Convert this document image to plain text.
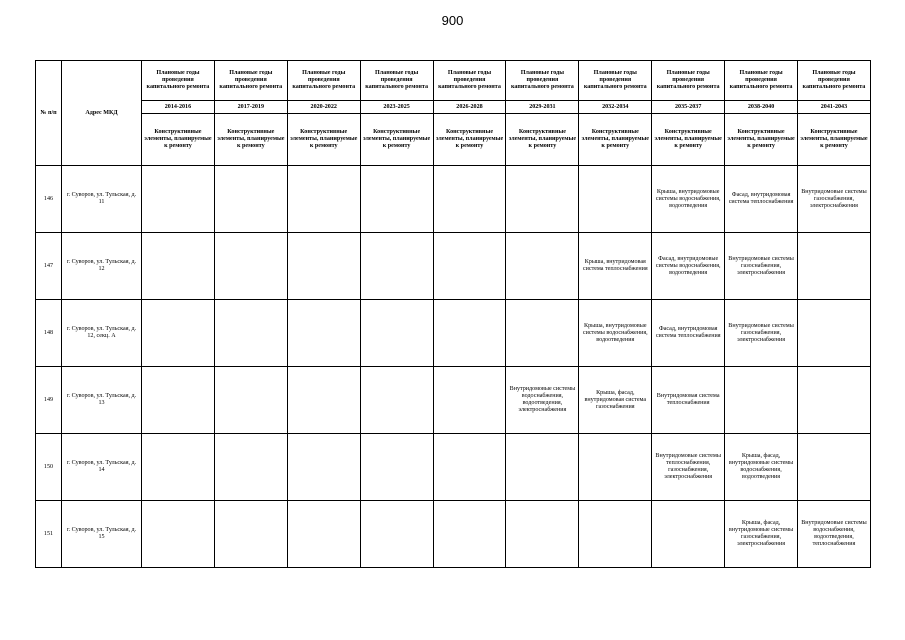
900
№ п/п	Адрес МКД	Плановые годы проведения капитального ремонта	Плановые годы проведения капитального ремонта	Плановые годы проведения капитального ремонта	Плановые годы проведения капитального ремонта	Плановые годы проведения капитального ремонта	Плановые годы проведения капитального ремонта	Плановые годы проведения капитального ремонта	Плановые годы проведения капитального ремонта	Плановые годы проведения капитального ремонта	Плановые годы проведения капитального ремонта
		2014-2016	2017-2019	2020-2022	2023-2025	2026-2028	2029-2031	2032-2034	2035-2037	2038-2040	2041-2043
		Конструктивные элементы, планируемые к ремонту	Конструктивные элементы, планируемые к ремонту	Конструктивные элементы, планируемые к ремонту	Конструктивные элементы, планируемые к ремонту	Конструктивные элементы, планируемые к ремонту	Конструктивные элементы, планируемые к ремонту	Конструктивные элементы, планируемые к ремонту	Конструктивные элементы, планируемые к ремонту	Конструктивные элементы, планируемые к ремонту	Конструктивные элементы, планируемые к ремонту
146	г. Суворов, ул. Тульская, д. 11								Крыша, внутридомовые системы водоснабжения, водоотведения	Фасад, внутридомовая система теплоснабжения	Внутридомовые системы газоснабжения, электроснабжения
147	г. Суворов, ул. Тульская, д. 12							Крыша, внутридомовая система теплоснабжения	Фасад, внутридомовые системы водоснабжения, водоотведения	Внутридомовые системы газоснабжения, электроснабжения	
148	г. Суворов, ул. Тульская, д. 12, секц. А							Крыша, внутридомовые системы водоснабжения, водоотведения	Фасад, внутридомовая система теплоснабжения	Внутридомовые системы газоснабжения, электроснабжения	
149	г. Суворов, ул. Тульская, д. 13						Внутридомовые системы водоснабжения, водоотведения, электроснабжения	Крыша, фасад, внутридомовая система газоснабжения	Внутридомовая система теплоснабжения		
150	г. Суворов, ул. Тульская, д. 14								Внутридомовые системы теплоснабжения, газоснабжения, электроснабжения	Крыша, фасад, внутридомовые системы водоснабжения, водоотведения	
151	г. Суворов, ул. Тульская, д. 15									Крыша, фасад, внутридомовые системы газоснабжения, электроснабжения	Внутридомовые системы водоснабжения, водоотведения, теплоснабжения
